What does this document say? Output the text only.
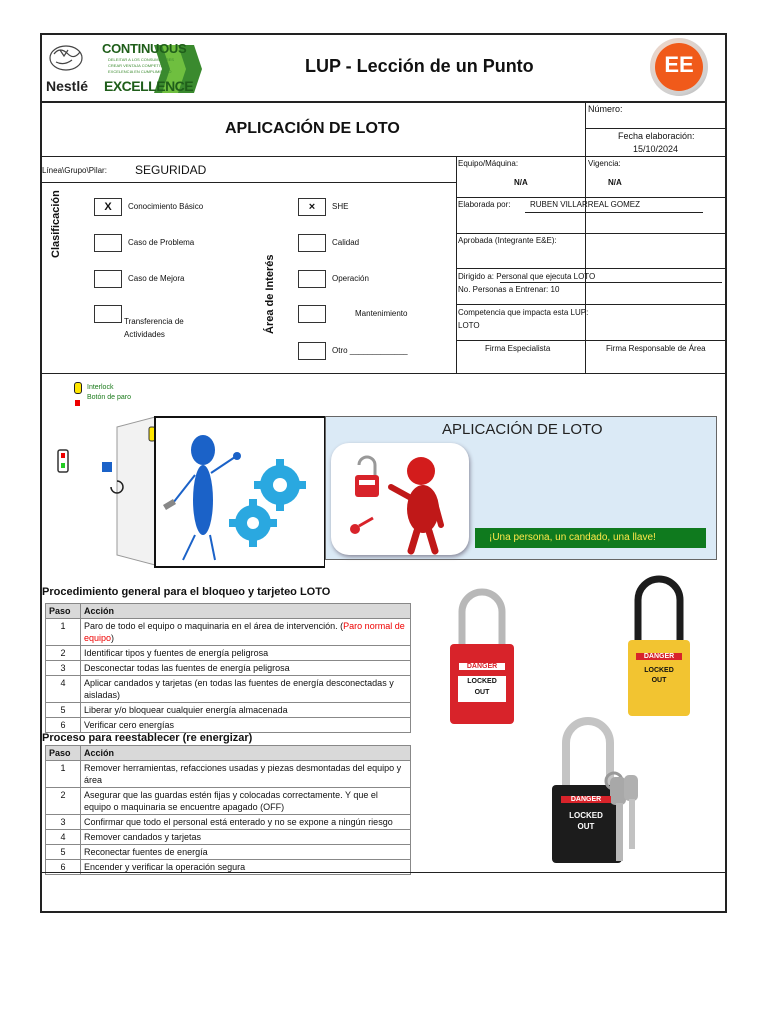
Nestlé
CONTINUOUS
DELEITAR A LOS CONSUMIDORES
CREAR VENTAJA COMPETITIVA
EXCELENCIA EN CUMPLIMIENTO
EXCELLENCE
LUP - Lección de un Punto	EE
APLICACIÓN DE LOTO
Número:
Fecha elaboración:
15/10/2024
Línea\Grupo\Pilar: SEGURIDAD	Equipo/Máquina:
N/A
Vigencia:
N/A
Elaborada por: RUBEN VILLARREAL GOMEZ
Aprobada (Integrante E&E):
Dirigido a: Personal que ejecuta LOTO
No. Personas a Entrenar: 10
Competencia que impacta esta LUP:
LOTO
Firma Especialista	Firma Responsable de Área
Clasificación	X	Conocimiento Básico
Caso de Problema
Caso de Mejora
Transferencia de Actividades
Área de Interés
×	SHE
Calidad
Operación
Mantenimiento
Otro _____________
Interlock
Botón de paro
APLICACIÓN DE LOTO
¡Una persona, un candado, una llave!
Procedimiento general para el bloqueo y tarjeteo LOTO
Paso	Acción
1	Paro de todo el equipo o maquinaria en el área de intervención. (Paro normal de equipo)
2	Identificar tipos y fuentes de energía peligrosa
3	Desconectar todas las fuentes de energía peligrosa
4	Aplicar candados y tarjetas (en todas las fuentes de energía desconectadas y aisladas)
5	Liberar y/o bloquear cualquier energía almacenada
6	Verificar cero energías
Proceso para reestablecer (re energizar)
Paso	Acción
1	Remover herramientas, refacciones usadas y piezas desmontadas del equipo y área
2	Asegurar que las guardas estén fijas y colocadas correctamente. Y que el equipo o maquinaria se encuentre apagado (OFF)
3	Confirmar que todo el personal está enterado y no se expone a ningún riesgo
4	Remover candados y tarjetas
5	Reconectar fuentes de energía
6	Encender y verificar la operación segura
DANGER
LOCKED
OUT
DANGER
LOCKED
OUT
DANGER
LOCKED
OUT
